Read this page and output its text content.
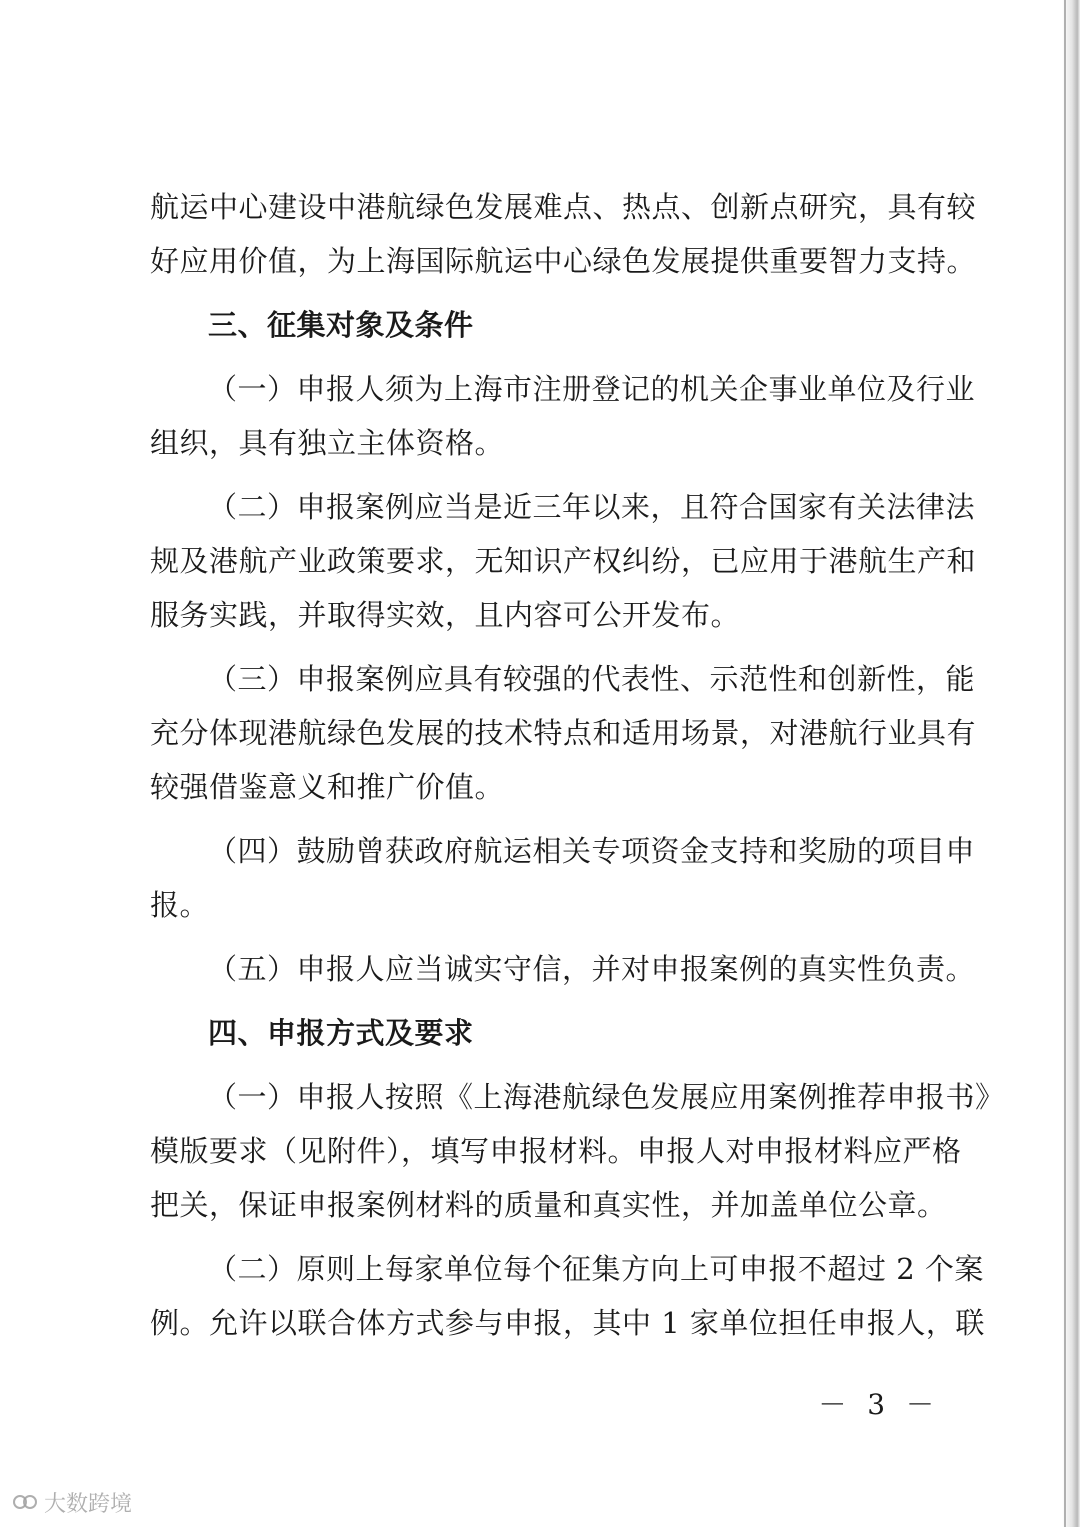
航运中心建设中港航绿色发展难点、热点、创新点研究，具有较
好应用价值，为上海国际航运中心绿色发展提供重要智力支持。
三、征集对象及条件
（一）申报人须为上海市注册登记的机关企事业单位及行业
组织，具有独立主体资格。
（二）申报案例应当是近三年以来，且符合国家有关法律法
规及港航产业政策要求，无知识产权纠纷，已应用于港航生产和
服务实践，并取得实效，且内容可公开发布。
（三）申报案例应具有较强的代表性、示范性和创新性，能
充分体现港航绿色发展的技术特点和适用场景，对港航行业具有
较强借鉴意义和推广价值。
（四）鼓励曾获政府航运相关专项资金支持和奖励的项目申
报。
（五）申报人应当诚实守信，并对申报案例的真实性负责。
四、申报方式及要求
（一）申报人按照《上海港航绿色发展应用案例推荐申报书》
模版要求（见附件），填写申报材料。申报人对申报材料应严格
把关，保证申报案例材料的质量和真实性，并加盖单位公章。
（二）原则上每家单位每个征集方向上可申报不超过 2 个案
例。允许以联合体方式参与申报，其中 1 家单位担任申报人，联
－ 3 －
大数跨境
